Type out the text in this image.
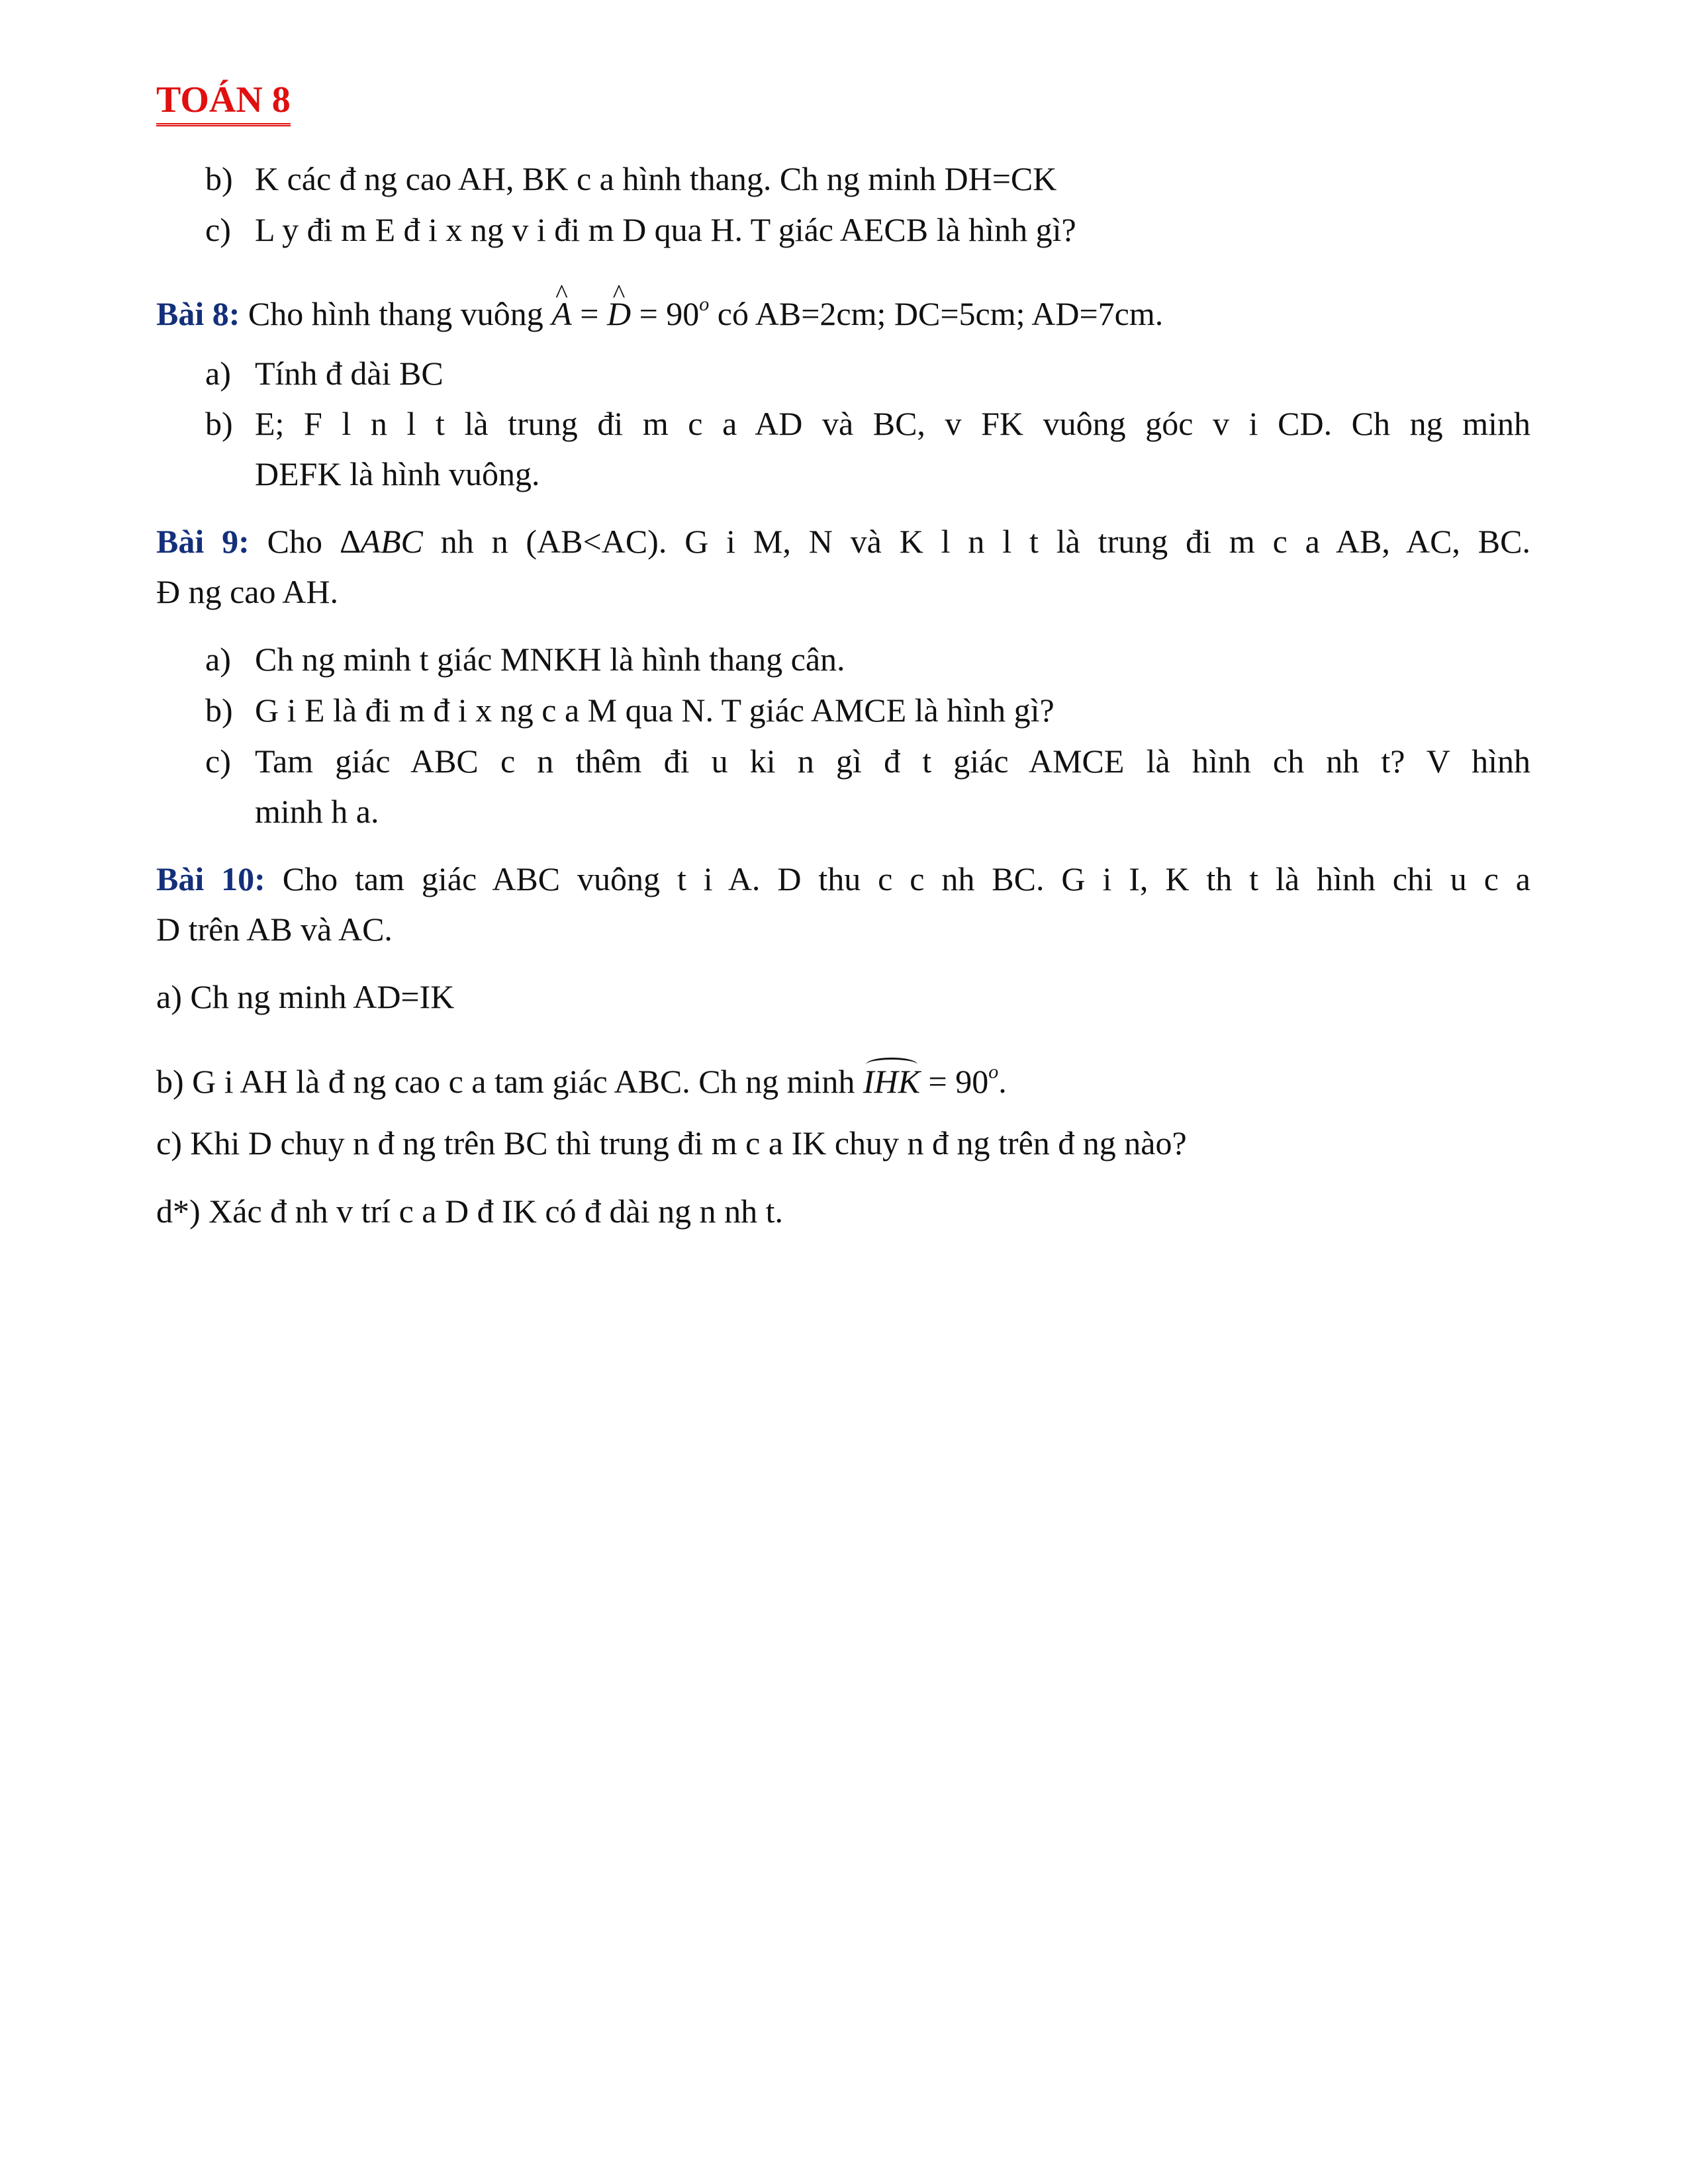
TOÁN 8
b) K các đ ng cao AH, BK c a hình thang. Ch ng minh DH=CK
c) L y đi m E đ i x ng v i đi m D qua H. T giác AECB là hình gì?
Bài 8: Cho hình thang vuông ^ A = ^ $D = 90^o$ có AB=2cm; DC=5cm; AD=7cm.
a) Tính đ dài BC
b) E; F l n l t là trung đi m c a AD và BC, v FK vuông góc v i CD. Ch ng minh
DEFK là hình vuông.
Bài 9: Cho ∆ABC nh n (AB<AC). G i M, N và K l n l t là trung đi m c a AB, AC, BC.
Đ ng cao AH.
a) Ch ng minh t giác MNKH là hình thang cân.
b) G i E là đi m đ i x ng c a M qua N. T giác AMCE là hình gì?
c) Tam giác ABC c n thêm đi u ki n gì đ t giác AMCE là hình ch nh t? V hình
minh h a.
Bài 10: Cho tam giác ABC vuông t i A. D thu c c nh BC. G i I, K th t là hình chi u c a
D trên AB và AC.
a) Ch ng minh AD=IK
b) G i AH là đ ng cao c a tam giác ABC. Ch ng minh IHK = $90^o$.
c) Khi D chuy n đ ng trên BC thì trung đi m c a IK chuy n đ ng trên đ ng nào?
d*) Xác đ nh v trí c a D đ IK có đ dài ng n nh t.
